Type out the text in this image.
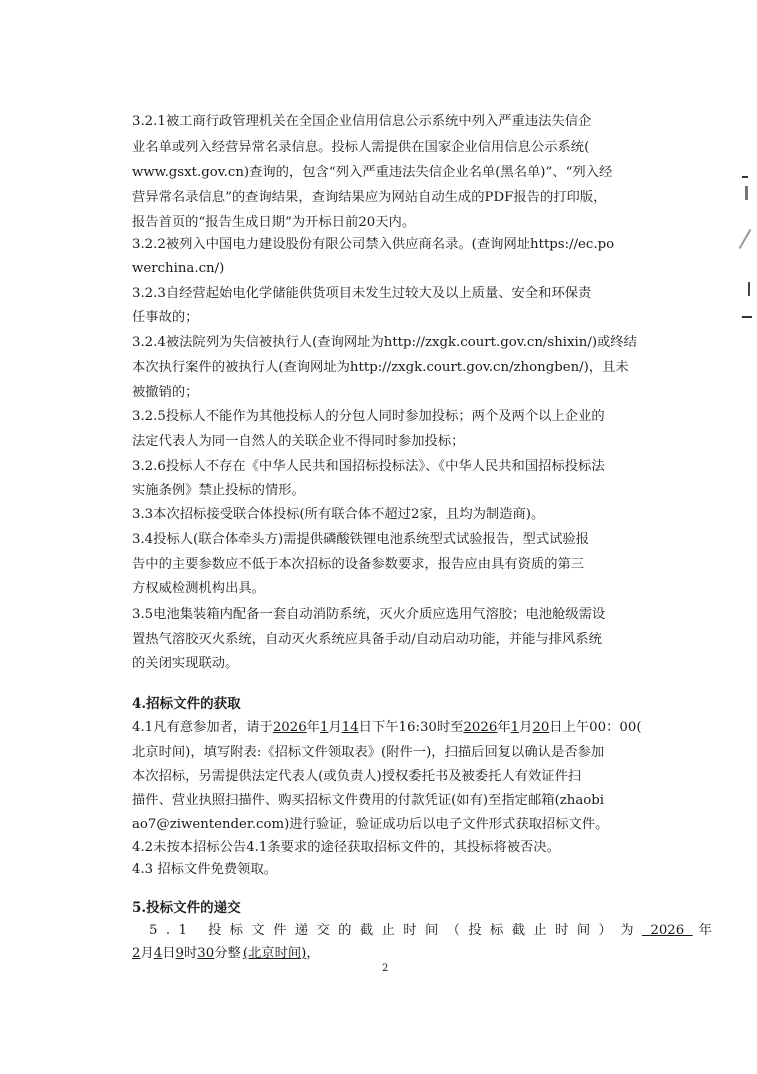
3.2.1被工商行政管理机关在全国企业信用信息公示系统中列入严重违法失信企
业名单或列入经营异常名录信息。投标人需提供在国家企业信用信息公示系统(
www.gsxt.gov.cn)查询的，包含“列入严重违法失信企业名单(黑名单)”、“列入经
营异常名录信息”的查询结果，查询结果应为网站自动生成的PDF报告的打印版，
报告首页的“报告生成日期”为开标日前20天内。
3.2.2被列入中国电力建设股份有限公司禁入供应商名录。(查询网址https://ec.po
werchina.cn/)
3.2.3自经营起始电化学储能供货项目未发生过较大及以上质量、安全和环保责
任事故的；
3.2.4被法院列为失信被执行人(查询网址为http://zxgk.court.gov.cn/shixin/)或终结
本次执行案件的被执行人(查询网址为http://zxgk.court.gov.cn/zhongben/)，且未
被撤销的；
3.2.5投标人不能作为其他投标人的分包人同时参加投标；两个及两个以上企业的
法定代表人为同一自然人的关联企业不得同时参加投标；
3.2.6投标人不存在《中华人民共和国招标投标法》、《中华人民共和国招标投标法
实施条例》禁止投标的情形。
3.3本次招标接受联合体投标(所有联合体不超过2家，且均为制造商)。
3.4投标人(联合体牵头方)需提供磷酸铁锂电池系统型式试验报告，型式试验报
告中的主要参数应不低于本次招标的设备参数要求，报告应由具有资质的第三
方权威检测机构出具。
3.5电池集装箱内配备一套自动消防系统，灭火介质应选用气溶胶；电池舱级需设
置热气溶胶灭火系统，自动灭火系统应具备手动/自动启动功能，并能与排风系统
的关闭实现联动。
4.招标文件的获取
4.1凡有意参加者，请于2026年1月14日下午16:30时至2026年1月20日上午00：00(
北京时间)，填写附表:《招标文件领取表》(附件一)，扫描后回复以确认是否参加
本次招标，另需提供法定代表人(或负责人)授权委托书及被委托人有效证件扫
描件、营业执照扫描件、购买招标文件费用的付款凭证(如有)至指定邮箱(zhaobi
ao7@ziwentender.com)进行验证，验证成功后以电子文件形式获取招标文件。
4.2未按本招标公告4.1条要求的途径获取招标文件的，其投标将被否决。
4.3 招标文件免费领取。
5.投标文件的递交
5.1 投标文件递交的截止时间（投标截止时间）为  2026  年
2月4日9时30分整 (北京时间)，
2
